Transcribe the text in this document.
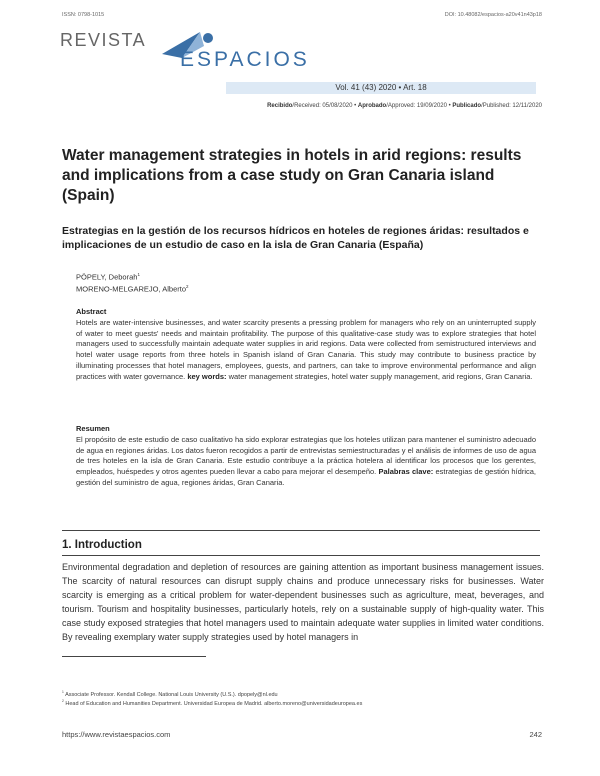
ISSN: 0798-1015	DOI: 10.48082/espacios-a20v41n43p18
REVISTA
ESPACIOS
Vol. 41 (43) 2020 • Art. 18
Recibido/Received: 05/08/2020 • Aprobado/Approved: 19/09/2020 • Publicado/Published: 12/11/2020
Water management strategies in hotels in arid regions: results and implications from a case study on Gran Canaria island (Spain)
Estrategias en la gestión de los recursos hídricos en hoteles de regiones áridas: resultados e implicaciones de un estudio de caso en la isla de Gran Canaria (España)
PÖPELY, Deborah$^1$
MORENO-MELGAREJO, Alberto$^2$
Abstract
Hotels are water-intensive businesses, and water scarcity presents a pressing problem for managers who rely on an uninterrupted supply of water to meet guests' needs and maintain profitability. The purpose of this qualitative-case study was to explore strategies that hotel managers used to successfully maintain adequate water supplies in arid regions. Data were collected from semistructured interviews and hotel water usage reports from three hotels in Spanish island of Gran Canaria. This study may contribute to business practice by illuminating processes that hotel managers, employees, guests, and partners, can take to improve environmental performance and align practices with water governance. key words: water management strategies, hotel water supply management, arid regions, Gran Canaria.
Resumen
El propósito de este estudio de caso cualitativo ha sido explorar estrategias que los hoteles utilizan para mantener el suministro adecuado de agua en regiones áridas. Los datos fueron recogidos a partir de entrevistas semiestructuradas y el análisis de informes de uso de agua de tres hoteles en la isla de Gran Canaria. Este estudio contribuye a la práctica hotelera al identificar los procesos que los gerentes, empleados, huéspedes y otros agentes pueden llevar a cabo para mejorar el desempeño. Palabras clave: estrategias de gestión hídrica, gestión del suministro de agua, regiones áridas, Gran Canaria.
1. Introduction
Environmental degradation and depletion of resources are gaining attention as important business management issues. The scarcity of natural resources can disrupt supply chains and produce unnecessary risks for businesses. Water scarcity is emerging as a critical problem for water-dependent businesses such as agriculture, meat, beverages, and tourism. Tourism and hospitality businesses, particularly hotels, rely on a sustainable supply of high-quality water. This case study exposed strategies that hotel managers used to maintain adequate water supplies in limited water conditions. By revealing exemplary water supply strategies used by hotel managers in
$^1$ Associate Professor. Kendall College. National Louis University (U.S.). dpopely@nl.edu
$^2$ Head of Education and Humanities Department. Universidad Europea de Madrid. alberto.moreno@universidadeuropea.es
https://www.revistaespacios.com	242
